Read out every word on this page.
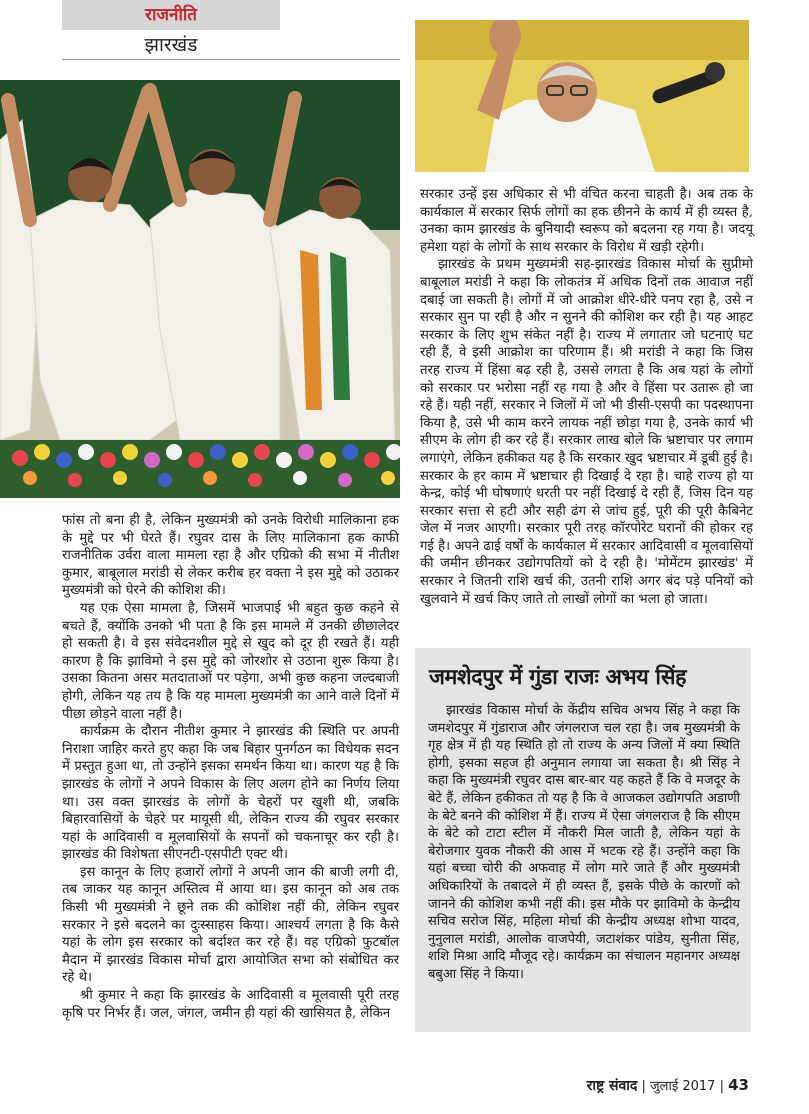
राजनीति
झारखंड

फांस तो बना ही है, लेकिन मुख्यमंत्री को उनके विरोधी मालिकाना हक के मुद्दे पर भी घेरते हैं। रघुवर दास के लिए मालिकाना हक काफी राजनीतिक उर्वरा वाला मामला रहा है और एग्रिको की सभा में नीतीश कुमार, बाबूलाल मरांडी से लेकर करीब हर वक्ता ने इस मुद्दे को उठाकर मुख्यमंत्री को घेरने की कोशिश की।

यह एक ऐसा मामला है, जिसमें भाजपाई भी बहुत कुछ कहने से बचते हैं, क्योंकि उनको भी पता है कि इस मामले में उनकी छीछालेदर हो सकती है। वे इस संवेदनशील मुद्दे से खुद को दूर ही रखते हैं। यही कारण है कि झाविमो ने इस मुद्दे को जोरशोर से उठाना शुरू किया है। उसका कितना असर मतदाताओं पर पड़ेगा, अभी कुछ कहना जल्दबाजी होगी, लेकिन यह तय है कि यह मामला मुख्यमंत्री का आने वाले दिनों में पीछा छोड़ने वाला नहीं है।

कार्यक्रम के दौरान नीतीश कुमार ने झारखंड की स्थिति पर अपनी निराशा जाहिर करते हुए कहा कि जब बिहार पुनर्गठन का विधेयक सदन में प्रस्तुत हुआ था, तो उन्होंने इसका समर्थन किया था। कारण यह है कि झारखंड के लोगों ने अपने विकास के लिए अलग होने का निर्णय लिया था। उस वक्त झारखंड के लोगों के चेहरों पर खुशी थी, जबकि बिहारवासियों के चेहरे पर मायूसी थी, लेकिन राज्य की रघुवर सरकार यहां के आदिवासी व मूलवासियों के सपनों को चकनाचूर कर रही है। झारखंड की विशेषता सीएनटी-एसपीटी एक्ट थी।

इस कानून के लिए हजारों लोगों ने अपनी जान की बाजी लगी दी, तब जाकर यह कानून अस्तित्व में आया था। इस कानून को अब तक किसी भी मुख्यमंत्री ने छूने तक की कोशिश नहीं की, लेकिन रघुवर सरकार ने इसे बदलने का दुःस्साहस किया। आश्चर्य लगता है कि कैसे यहां के लोग इस सरकार को बर्दाश्त कर रहे हैं। वह एग्रिको फुटबॉल मैदान में झारखंड विकास मोर्चा द्वारा आयोजित सभा को संबोधित कर रहे थे।

श्री कुमार ने कहा कि झारखंड के आदिवासी व मूलवासी पूरी तरह कृषि पर निर्भर हैं। जल, जंगल, जमीन ही यहां की खासियत है, लेकिन

सरकार उन्हें इस अधिकार से भी वंचित करना चाहती है। अब तक के कार्यकाल में सरकार सिर्फ लोगों का हक छीनने के कार्य में ही व्यस्त है, उनका काम झारखंड के बुनियादी स्वरूप को बदलना रह गया है। जदयू हमेशा यहां के लोगों के साथ सरकार के विरोध में खड़ी रहेगी।

झारखंड के प्रथम मुख्यमंत्री सह-झारखंड विकास मोर्चा के सुप्रीमो बाबूलाल मरांडी ने कहा कि लोकतंत्र में अधिक दिनों तक आवाज नहीं दबाई जा सकती है। लोगों में जो आक्रोश धीरे-धीरे पनप रहा है, उसे न सरकार सुन पा रही है और न सुनने की कोशिश कर रही है। यह आहट सरकार के लिए शुभ संकेत नहीं है। राज्य में लगातार जो घटनाएं घट रही हैं, वे इसी आक्रोश का परिणाम हैं। श्री मरांडी ने कहा कि जिस तरह राज्य में हिंसा बढ़ रही है, उससे लगता है कि अब यहां के लोगों को सरकार पर भरोसा नहीं रह गया है और वे हिंसा पर उतारू हो जा रहे हैं। यही नहीं, सरकार ने जिलों में जो भी डीसी-एसपी का पदस्थापना किया है, उसे भी काम करने लायक नहीं छोड़ा गया है, उनके कार्य भी सीएम के लोग ही कर रहे हैं। सरकार लाख बोले कि भ्रष्टाचार पर लगाम लगाएंगे, लेकिन हकीकत यह है कि सरकार खुद भ्रष्टाचार में डूबी हुई है। सरकार के हर काम में भ्रष्टाचार ही दिखाई दे रहा है। चाहे राज्य हो या केन्द्र, कोई भी घोषणाएं धरती पर नहीं दिखाई दे रही हैं, जिस दिन यह सरकार सत्ता से हटी और सही ढंग से जांच हुई, पूरी की पूरी कैबिनेट जेल में नजर आएगी। सरकार पूरी तरह कॉरपोरेट घरानों की होकर रह गई है। अपने ढाई वर्षों के कार्यकाल में सरकार आदिवासी व मूलवासियों की जमीन छीनकर उद्योगपतियों को दे रही है। 'मोमेंटम झारखंड' में सरकार ने जितनी राशि खर्च की, उतनी राशि अगर बंद पड़े पनियों को खुलवाने में खर्च किए जाते तो लाखों लोगों का भला हो जाता।

जमशेदपुर में गुंडा राजः अभय सिंह

झारखंड विकास मोर्चा के केंद्रीय सचिव अभय सिंह ने कहा कि जमशेदपुर में गुंडाराज और जंगलराज चल रहा है। जब मुख्यमंत्री के गृह क्षेत्र में ही यह स्थिति हो तो राज्य के अन्य जिलों में क्या स्थिति होगी, इसका सहज ही अनुमान लगाया जा सकता है। श्री सिंह ने कहा कि मुख्यमंत्री रघुवर दास बार-बार यह कहते हैं कि वे मजदूर के बेटे हैं, लेकिन हकीकत तो यह है कि वे आजकल उद्योगपति अडाणी के बेटे बनने की कोशिश में हैं। राज्य में ऐसा जंगलराज है कि सीएम के बेटे को टाटा स्टील में नौकरी मिल जाती है, लेकिन यहां के बेरोजगार युवक नौकरी की आस में भटक रहे हैं। उन्होंने कहा कि यहां बच्चा चोरी की अफवाह में लोग मारे जाते हैं और मुख्यमंत्री अधिकारियों के तबादले में ही व्यस्त हैं, इसके पीछे के कारणों को जानने की कोशिश कभी नहीं की। इस मौके पर झाविमो के केन्द्रीय सचिव सरोज सिंह, महिला मोर्चा की केन्द्रीय अध्यक्ष शोभा यादव, नुनुलाल मरांडी, आलोक वाजपेयी, जटाशंकर पांडेय, सुनीता सिंह, शशि मिश्रा आदि मौजूद रहे। कार्यक्रम का संचालन महानगर अध्यक्ष बबुआ सिंह ने किया।

राष्ट्र संवाद | जुलाई 2017 | 43
